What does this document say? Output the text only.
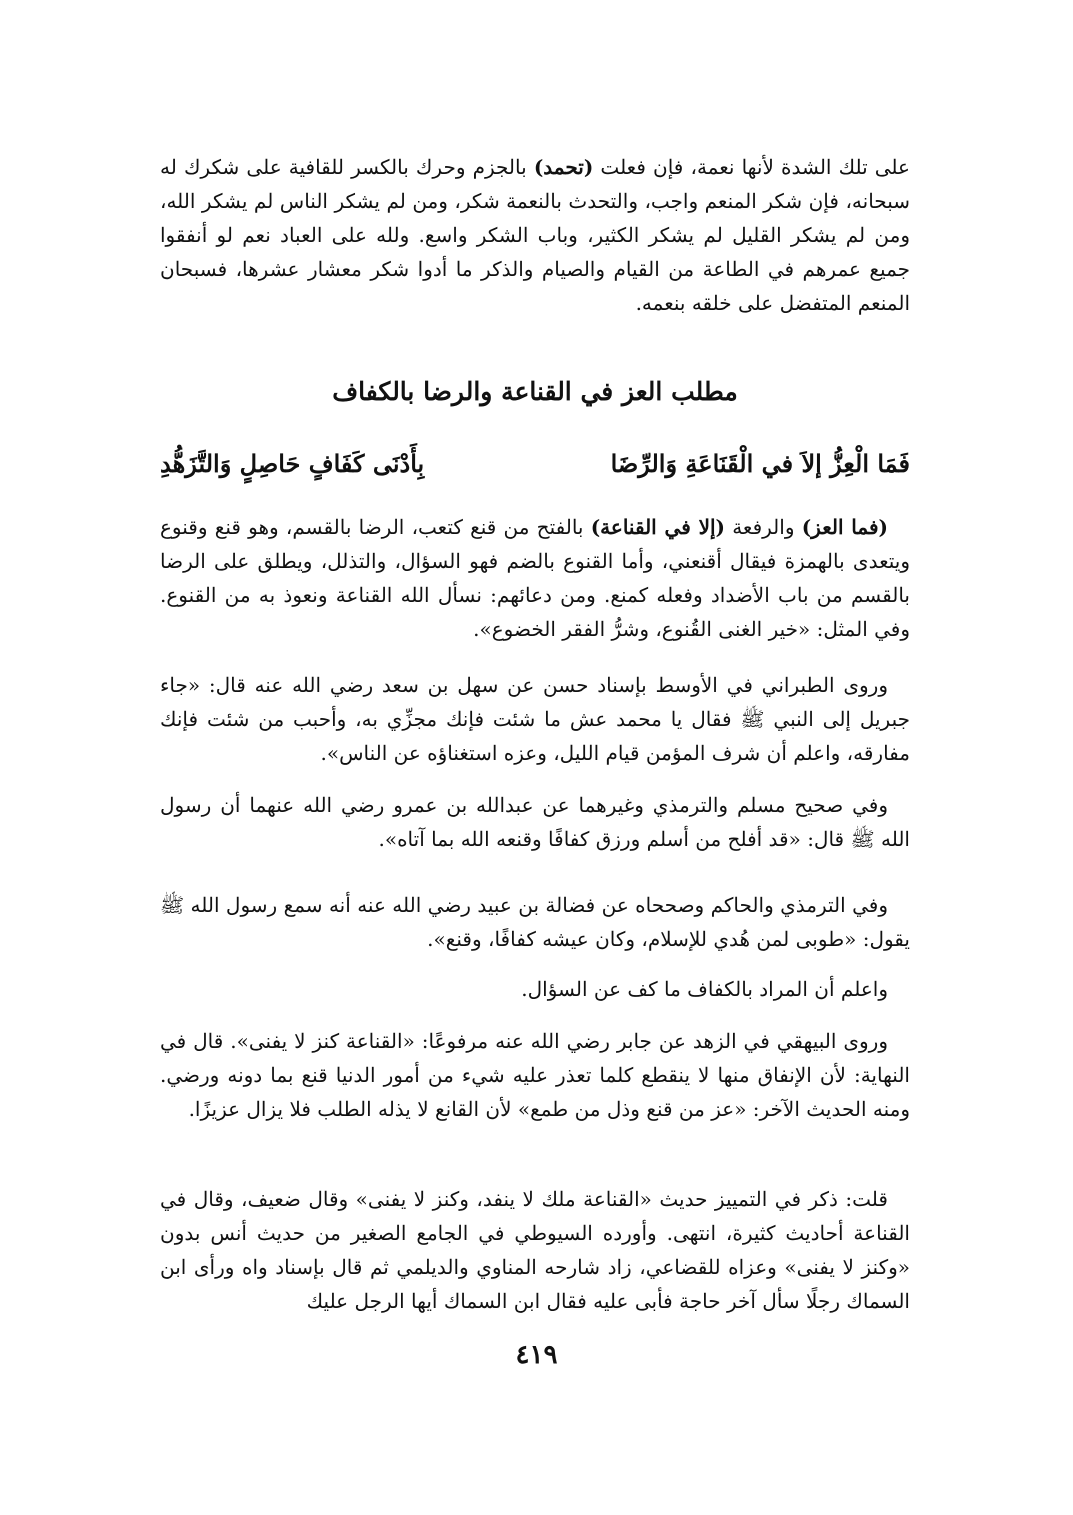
على تلك الشدة لأنها نعمة، فإن فعلت (تحمد) بالجزم وحرك بالكسر للقافية على شكرك له سبحانه، فإن شكر المنعم واجب، والتحدث بالنعمة شكر، ومن لم يشكر الناس لم يشكر الله، ومن لم يشكر القليل لم يشكر الكثير، وباب الشكر واسع. ولله على العباد نعم لو أنفقوا جميع عمرهم في الطاعة من القيام والصيام والذكر ما أدوا شكر معشار عشرها، فسبحان المنعم المتفضل على خلقه بنعمه.

مطلب العز في القناعة والرضا بالكفاف
فَمَا الْعِزُّ إلاَ في الْقَنَاعَةِ وَالرِّضَا
بِأَدْنَى كَفَافٍ حَاصِلٍ وَالتَّزَهُّدِ

(فما العز) والرفعة (إلا في القناعة) بالفتح من قنع كتعب، الرضا بالقسم، وهو قنع وقنوع ويتعدى بالهمزة فيقال أقنعني، وأما القنوع بالضم فهو السؤال، والتذلل، ويطلق على الرضا بالقسم من باب الأضداد وفعله كمنع. ومن دعائهم: نسأل الله القناعة ونعوذ به من القنوع. وفي المثل: «خير الغنى القُنوع، وشرُّ الفقر الخضوع».

وروى الطبراني في الأوسط بإسناد حسن عن سهل بن سعد رضي الله عنه قال: «جاء جبريل إلى النبي ﷺ فقال يا محمد عش ما شئت فإنك مجزِّي به، وأحبب من شئت فإنك مفارقه، واعلم أن شرف المؤمن قيام الليل، وعزه استغناؤه عن الناس».

وفي صحيح مسلم والترمذي وغيرهما عن عبدالله بن عمرو رضي الله عنهما أن رسول الله ﷺ قال: «قد أفلح من أسلم ورزق كفافًا وقنعه الله بما آتاه».

وفي الترمذي والحاكم وصححاه عن فضالة بن عبيد رضي الله عنه أنه سمع رسول الله ﷺ يقول: «طوبى لمن هُدي للإسلام، وكان عيشه كفافًا، وقنع».

واعلم أن المراد بالكفاف ما كف عن السؤال.

وروى البيهقي في الزهد عن جابر رضي الله عنه مرفوعًا: «القناعة كنز لا يفنى». قال في النهاية: لأن الإنفاق منها لا ينقطع كلما تعذر عليه شيء من أمور الدنيا قنع بما دونه ورضي. ومنه الحديث الآخر: «عز من قنع وذل من طمع» لأن القانع لا يذله الطلب فلا يزال عزيزًا.

قلت: ذكر في التمييز حديث «القناعة ملك لا ينفد، وكنز لا يفنى» وقال ضعيف، وقال في القناعة أحاديث كثيرة، انتهى. وأورده السيوطي في الجامع الصغير من حديث أنس بدون «وكنز لا يفنى» وعزاه للقضاعي، زاد شارحه المناوي والديلمي ثم قال بإسناد واه ورأى ابن السماك رجلًا سأل آخر حاجة فأبى عليه فقال ابن السماك أيها الرجل عليك

٤١٩
